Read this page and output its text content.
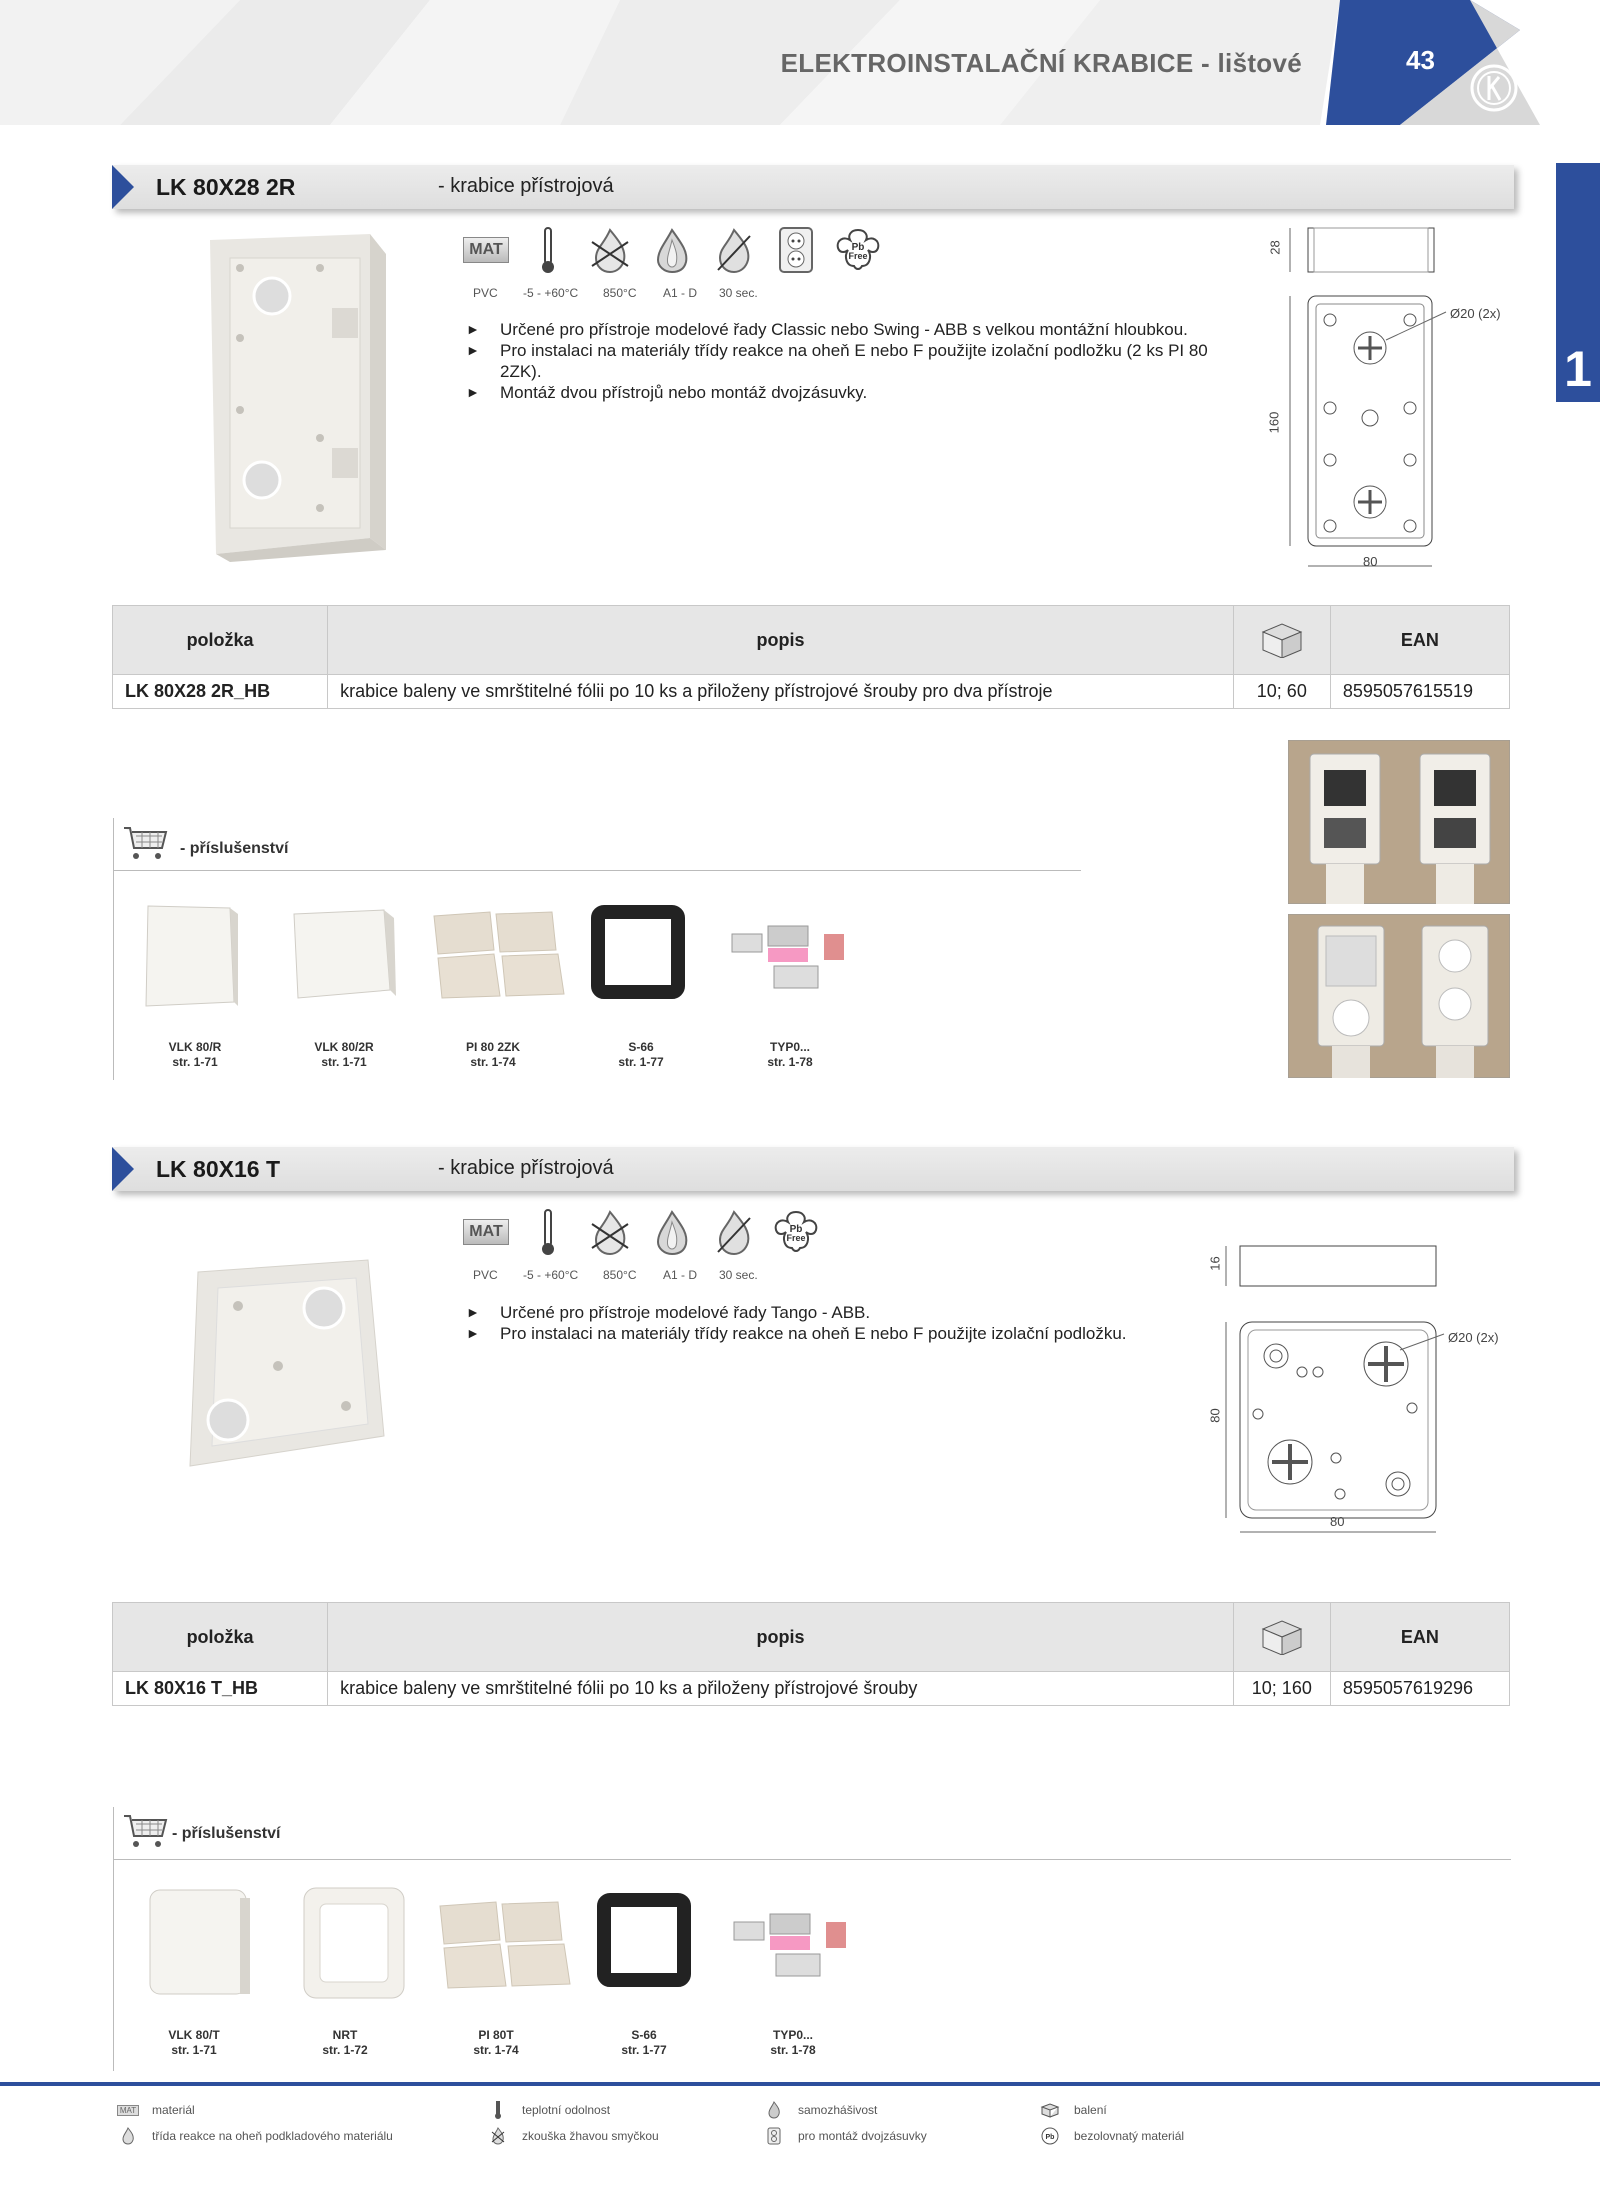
ELEKTROINSTALAČNÍ KRABICE - lištové	43
1
LK 80X28 2R	- krabice přístrojová
MAT	Pb
Free
PVC -5 - +60°C 850°C A1 - D 30 sec.
► Určené pro přístroje modelové řady Classic nebo Swing - ABB s velkou montážní hloubkou.
► Pro instalaci na materiály třídy reakce na oheň E nebo F použijte izolační podložku (2 ks PI 80 2ZK).
► Montáž dvou přístrojů nebo montáž dvojzásuvky.
28
160
80
Ø20 (2x)
položka	popis		EAN
LK 80X28 2R_HB	krabice baleny ve smrštitelné fólii po 10 ks a přiloženy přístrojové šrouby pro dva přístroje	10; 60	8595057615519
- příslušenství
VLK 80/R
str. 1-71
VLK 80/2R
str. 1-71
PI 80 2ZK
str. 1-74
S-66
str. 1-77
TYP0...
str. 1-78
LK 80X16 T	- krabice přístrojová
MAT	Pb
Free
PVC -5 - +60°C 850°C A1 - D 30 sec.
► Určené pro přístroje modelové řady Tango - ABB.
► Pro instalaci na materiály třídy reakce na oheň E nebo F použijte izolační podložku.
16
80
80
Ø20 (2x)
položka	popis		EAN
LK 80X16 T_HB	krabice baleny ve smrštitelné fólii po 10 ks a přiloženy přístrojové šrouby	10; 160	8595057619296
- příslušenství
VLK 80/T
str. 1-71
NRT
str. 1-72
PI 80T
str. 1-74
S-66
str. 1-77
TYP0...
str. 1-78
MAT materiál	teplotní odolnost	samozhášivost	balení
třída reakce na oheň podkladového materiálu	zkouška žhavou smyčkou	pro montáž dvojzásuvky	Pb bezolovnatý materiál
